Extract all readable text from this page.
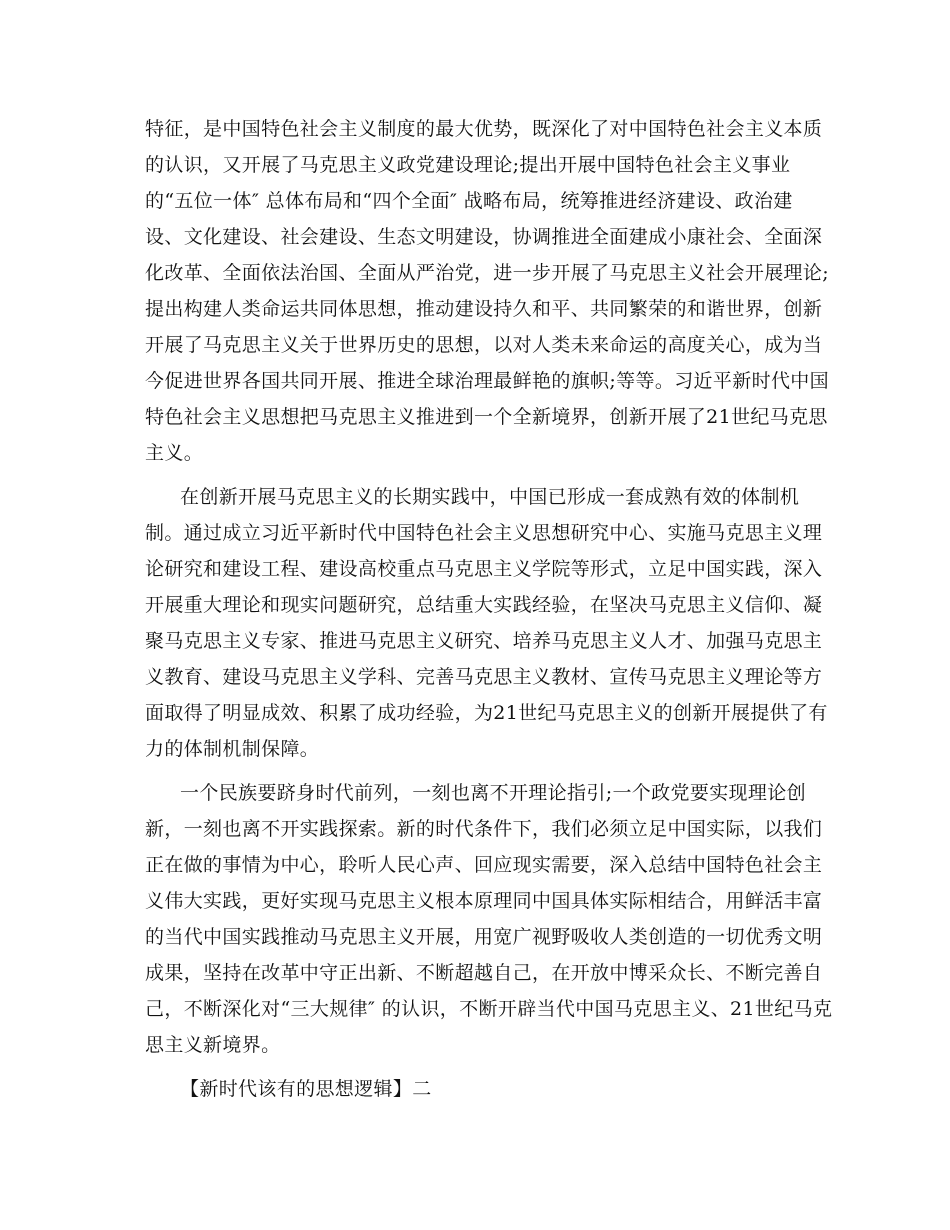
特征，是中国特色社会主义制度的最大优势，既深化了对中国特色社会主义本质
的认识，又开展了马克思主义政党建设理论;提出开展中国特色社会主义事业
的“五位一体″ 总体布局和“四个全面″ 战略布局，统筹推进经济建设、政治建
设、文化建设、社会建设、生态文明建设，协调推进全面建成小康社会、全面深
化改革、全面依法治国、全面从严治党，进一步开展了马克思主义社会开展理论;
提出构建人类命运共同体思想，推动建设持久和平、共同繁荣的和谐世界，创新
开展了马克思主义关于世界历史的思想，以对人类未来命运的高度关心，成为当
今促进世界各国共同开展、推进全球治理最鲜艳的旗帜;等等。习近平新时代中国
特色社会主义思想把马克思主义推进到一个全新境界，创新开展了21世纪马克思
主义。
在创新开展马克思主义的长期实践中，中国已形成一套成熟有效的体制机
制。通过成立习近平新时代中国特色社会主义思想研究中心、实施马克思主义理
论研究和建设工程、建设高校重点马克思主义学院等形式，立足中国实践，深入
开展重大理论和现实问题研究，总结重大实践经验，在坚决马克思主义信仰、凝
聚马克思主义专家、推进马克思主义研究、培养马克思主义人才、加强马克思主
义教育、建设马克思主义学科、完善马克思主义教材、宣传马克思主义理论等方
面取得了明显成效、积累了成功经验，为21世纪马克思主义的创新开展提供了有
力的体制机制保障。
一个民族要跻身时代前列，一刻也离不开理论指引;一个政党要实现理论创
新，一刻也离不开实践探索。新的时代条件下，我们必须立足中国实际，以我们
正在做的事情为中心，聆听人民心声、回应现实需要，深入总结中国特色社会主
义伟大实践，更好实现马克思主义根本原理同中国具体实际相结合，用鲜活丰富
的当代中国实践推动马克思主义开展，用宽广视野吸收人类创造的一切优秀文明
成果，坚持在改革中守正出新、不断超越自己，在开放中博采众长、不断完善自
己，不断深化对“三大规律″ 的认识，不断开辟当代中国马克思主义、21世纪马克
思主义新境界。
【新时代该有的思想逻辑】二
